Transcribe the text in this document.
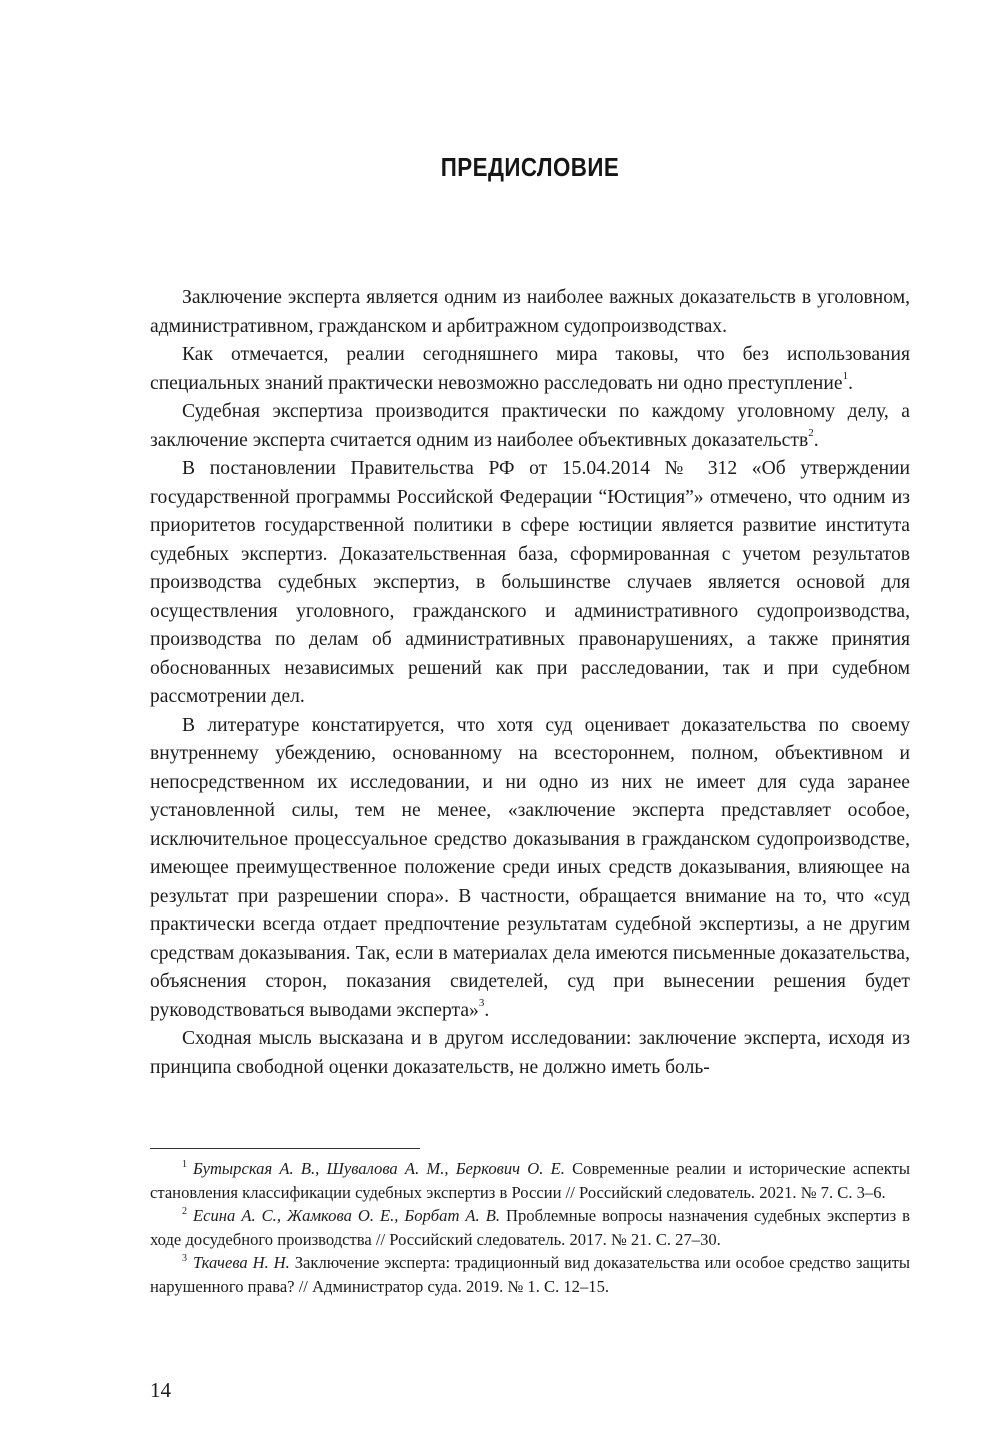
ПРЕДИСЛОВИЕ

Заключение эксперта является одним из наиболее важных доказательств в уголовном, административном, гражданском и арбитражном судопроизводствах.

Как отмечается, реалии сегодняшнего мира таковы, что без использования специальных знаний практически невозможно расследовать ни одно преступление$^1$.

Судебная экспертиза производится практически по каждому уголовному делу, а заключение эксперта считается одним из наиболее объективных доказательств$^2$.

В постановлении Правительства РФ от 15.04.2014 № 312 «Об утверждении государственной программы Российской Федерации “Юстиция”» отмечено, что одним из приоритетов государственной политики в сфере юстиции является развитие института судебных экспертиз. Доказательственная база, сформированная с учетом результатов производства судебных экспертиз, в большинстве случаев является основой для осуществления уголовного, гражданского и административного судопроизводства, производства по делам об административных правонарушениях, а также принятия обоснованных независимых решений как при расследовании, так и при судебном рассмотрении дел.

В литературе констатируется, что хотя суд оценивает доказательства по своему внутреннему убеждению, основанному на всестороннем, полном, объективном и непосредственном их исследовании, и ни одно из них не имеет для суда заранее установленной силы, тем не менее, «заключение эксперта представляет особое, исключительное процессуальное средство доказывания в гражданском судопроизводстве, имеющее преимущественное положение среди иных средств доказывания, влияющее на результат при разрешении спора». В частности, обращается внимание на то, что «суд практически всегда отдает предпочтение результатам судебной экспертизы, а не другим средствам доказывания. Так, если в материалах дела имеются письменные доказательства, объяснения сторон, показания свидетелей, суд при вынесении решения будет руководствоваться выводами эксперта»$^3$.

Сходная мысль высказана и в другом исследовании: заключение эксперта, исходя из принципа свободной оценки доказательств, не должно иметь боль-

$^1$ Бутырская А. В., Шувалова А. М., Беркович О. Е. Современные реалии и исторические аспекты становления классификации судебных экспертиз в России // Российский следователь. 2021. № 7. С. 3–6.

$^2$ Есина А. С., Жамкова О. Е., Борбат А. В. Проблемные вопросы назначения судебных экспертиз в ходе досудебного производства // Российский следователь. 2017. № 21. С. 27–30.

$^3$ Ткачева Н. Н. Заключение эксперта: традиционный вид доказательства или особое средство защиты нарушенного права? // Администратор суда. 2019. № 1. С. 12–15.

14
